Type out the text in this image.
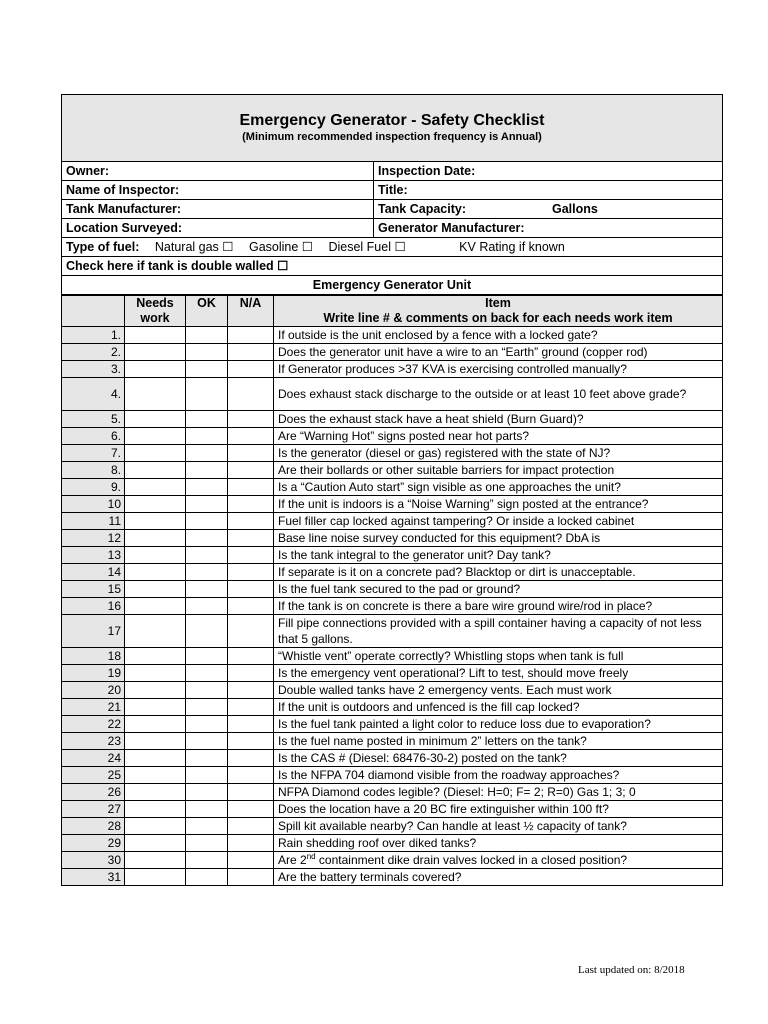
Emergency Generator - Safety Checklist
(Minimum recommended inspection frequency is Annual)
Owner:	Inspection Date:
Name of Inspector:	Title:
Tank Manufacturer:	Tank Capacity:	Gallons
Location Surveyed:	Generator Manufacturer:
Type of fuel: Natural gas ☐ Gasoline ☐ Diesel Fuel ☐	KV Rating if known
Check here if tank is double walled ☐
Emergency Generator Unit
	Needs work	OK	N/A	Item
Write line # & comments on back for each needs work item

1.				If outside is the unit enclosed by a fence with a locked gate?
2.				Does the generator unit have a wire to an “Earth” ground (copper rod)
3.				If Generator produces >37 KVA is exercising controlled manually?
4.				Does exhaust stack discharge to the outside or at least 10 feet above grade?
5.				Does the exhaust stack have a heat shield (Burn Guard)?
6.				Are “Warning Hot” signs posted near hot parts?
7.				Is the generator (diesel or gas) registered with the state of NJ?
8.				Are their bollards or other suitable barriers for impact protection
9.				Is a “Caution Auto start” sign visible as one approaches the unit?
10				If the unit is indoors is a “Noise Warning” sign posted at the entrance?
11				Fuel filler cap locked against tampering? Or inside a locked cabinet
12				Base line noise survey conducted for this equipment? DbA is
13				Is the tank integral to the generator unit? Day tank?
14				If separate is it on a concrete pad? Blacktop or dirt is unacceptable.
15				Is the fuel tank secured to the pad or ground?
16				If the tank is on concrete is there a bare wire ground wire/rod in place?
17				Fill pipe connections provided with a spill container having a capacity of not less that 5 gallons.
18				“Whistle vent” operate correctly? Whistling stops when tank is full
19				Is the emergency vent operational? Lift to test, should move freely
20				Double walled tanks have 2 emergency vents. Each must work
21				If the unit is outdoors and unfenced is the fill cap locked?
22				Is the fuel tank painted a light color to reduce loss due to evaporation?
23				Is the fuel name posted in minimum 2” letters on the tank?
24				Is the CAS # (Diesel: 68476-30-2) posted on the tank?
25				Is the NFPA 704 diamond visible from the roadway approaches?
26				NFPA Diamond codes legible? (Diesel: H=0; F= 2; R=0) Gas 1; 3; 0
27				Does the location have a 20 BC fire extinguisher within 100 ft?
28				Spill kit available nearby? Can handle at least ½ capacity of tank?
29				Rain shedding roof over diked tanks?
30				Are 2nd containment dike drain valves locked in a closed position?
31				Are the battery terminals covered?
Last updated on: 8/2018
